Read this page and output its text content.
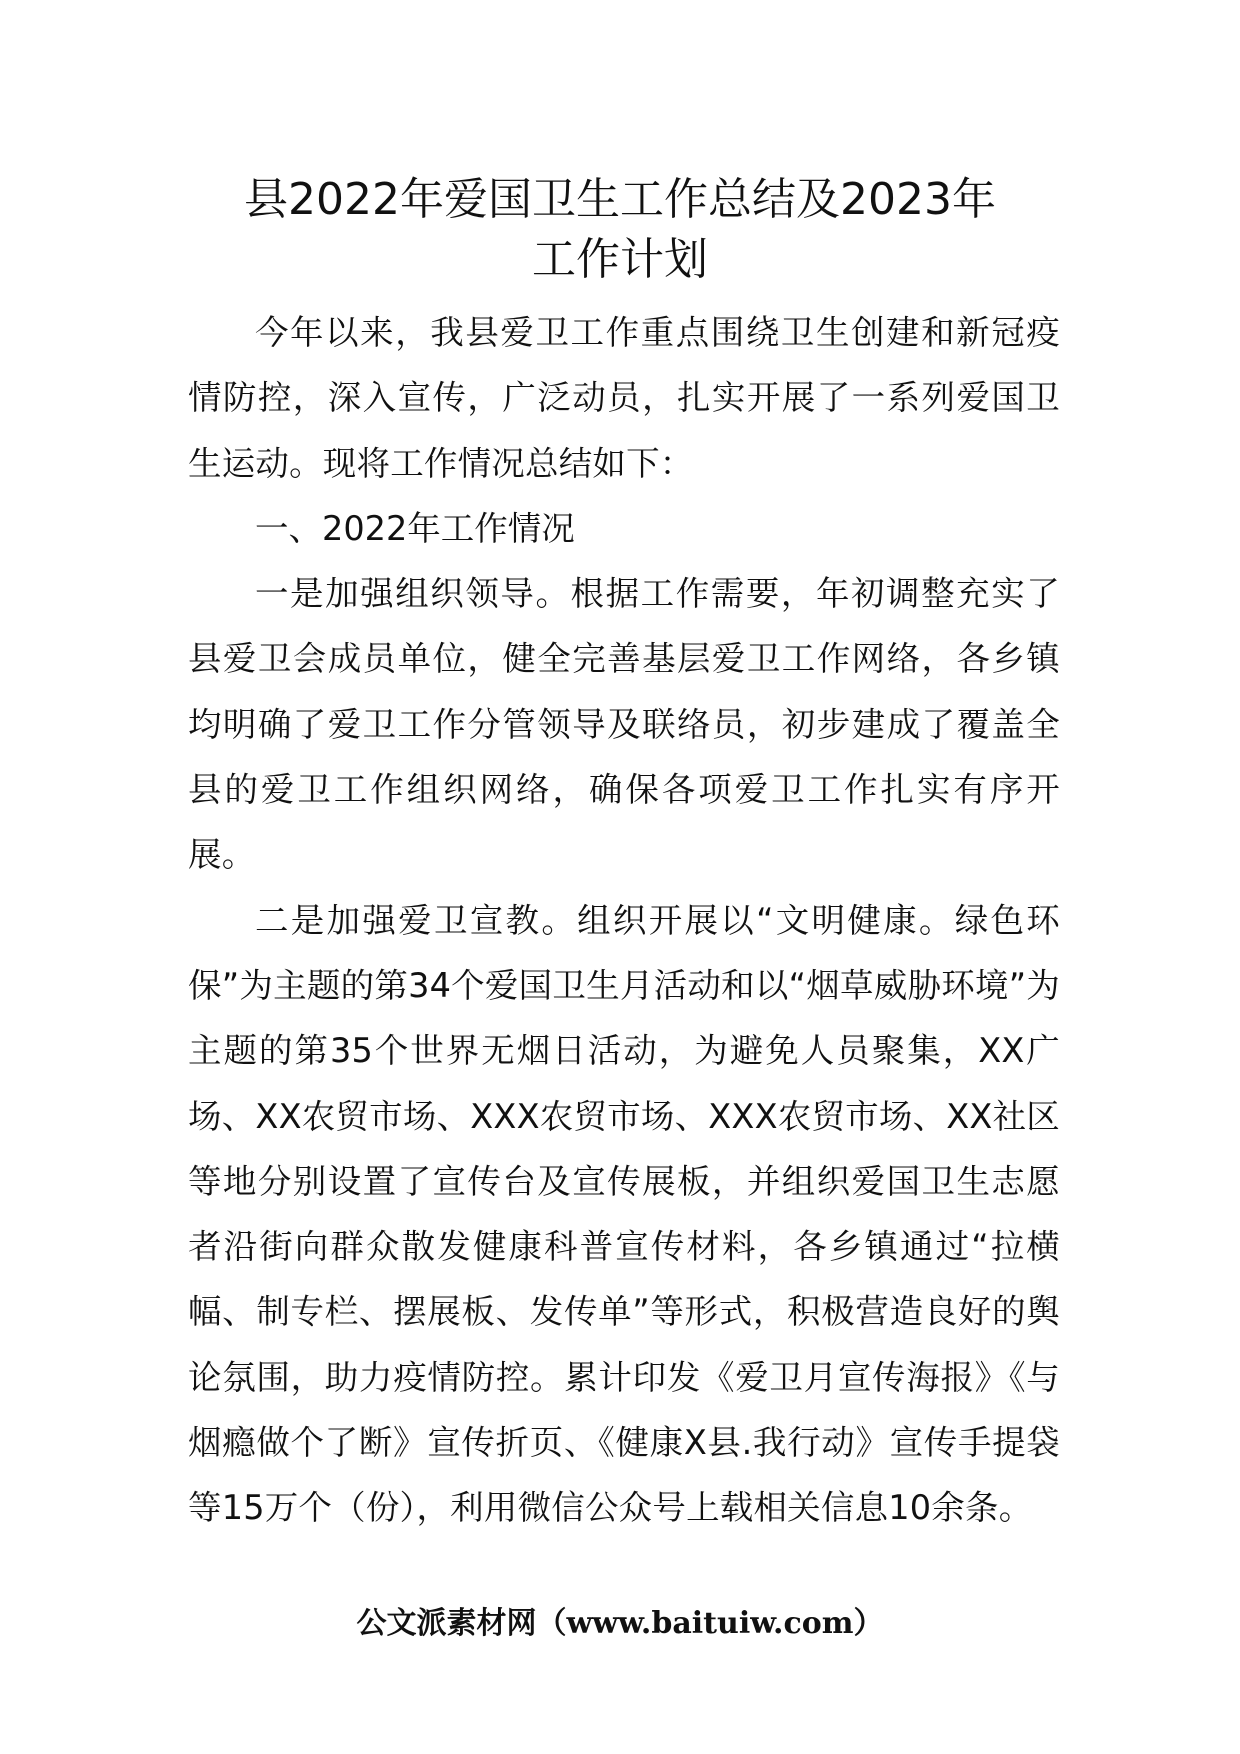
县2022年爱国卫生工作总结及2023年
工作计划

今年以来，我县爱卫工作重点围绕卫生创建和新冠疫情防控，深入宣传，广泛动员，扎实开展了一系列爱国卫生运动。现将工作情况总结如下：

一、2022年工作情况

一是加强组织领导。根据工作需要，年初调整充实了县爱卫会成员单位，健全完善基层爱卫工作网络，各乡镇均明确了爱卫工作分管领导及联络员，初步建成了覆盖全县的爱卫工作组织网络，确保各项爱卫工作扎实有序开展。

二是加强爱卫宣教。组织开展以“文明健康。绿色环保”为主题的第34个爱国卫生月活动和以“烟草威胁环境”为主题的第35个世界无烟日活动，为避免人员聚集，XX广场、XX农贸市场、XXX农贸市场、XXX农贸市场、XX社区等地分别设置了宣传台及宣传展板，并组织爱国卫生志愿者沿街向群众散发健康科普宣传材料，各乡镇通过“拉横幅、制专栏、摆展板、发传单”等形式，积极营造良好的舆论氛围，助力疫情防控。累计印发《爱卫月宣传海报》《与烟瘾做个了断》宣传折页、《健康X县.我行动》宣传手提袋等15万个（份），利用微信公众号上载相关信息10余条。

公文派素材网（www.baituiw.com）
